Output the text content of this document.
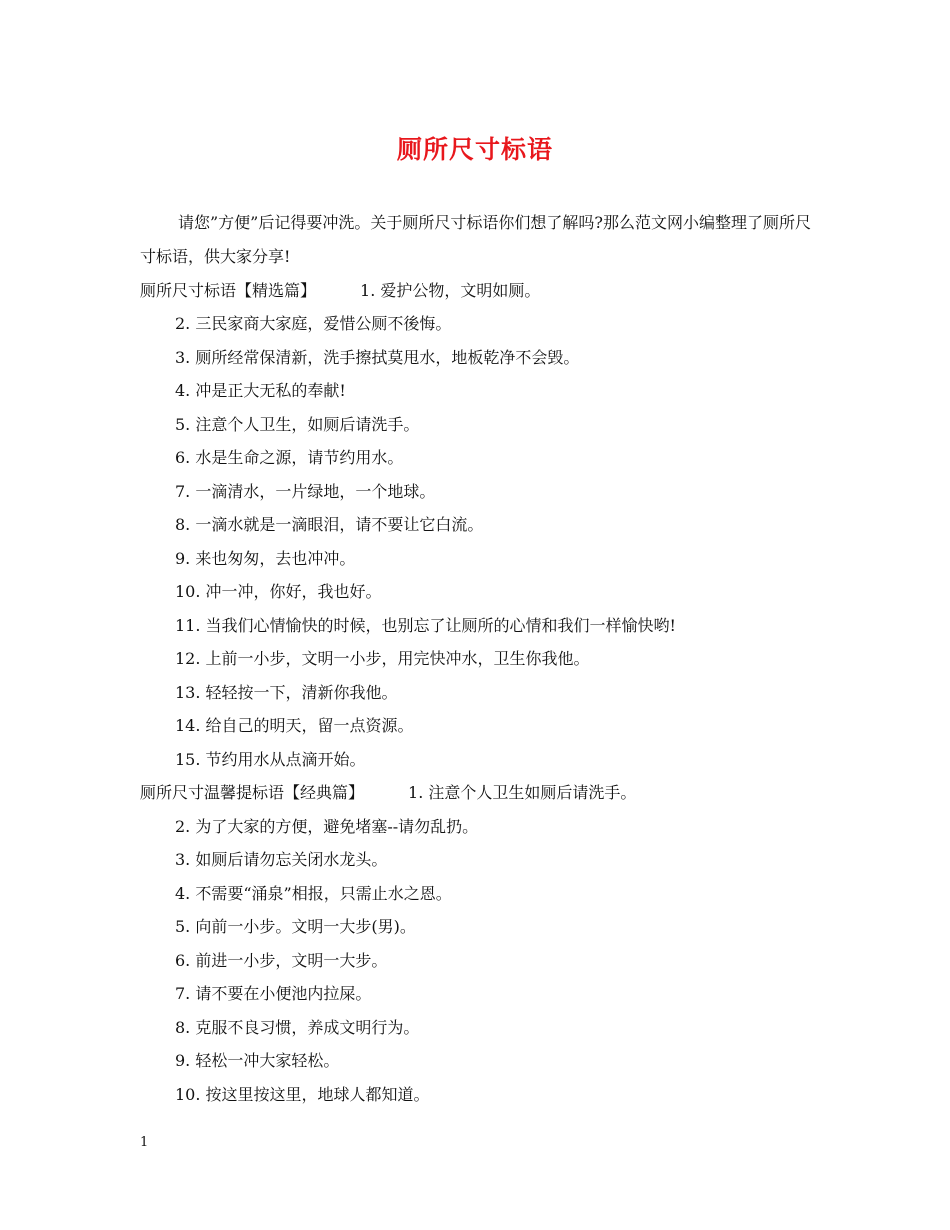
厕所尺寸标语
请您”方便”后记得要冲洗。关于厕所尺寸标语你们想了解吗?那么范文网小编整理了厕所尺寸标语，供大家分享!
厕所尺寸标语【精选篇】	1. 爱护公物，文明如厕。
2. 三民家商大家庭，爱惜公厕不後悔。
3. 厕所经常保清新，洗手擦拭莫甩水，地板乾净不会毁。
4. 冲是正大无私的奉献!
5. 注意个人卫生，如厕后请洗手。
6. 水是生命之源，请节约用水。
7. 一滴清水，一片绿地，一个地球。
8. 一滴水就是一滴眼泪，请不要让它白流。
9. 来也匆匆，去也冲冲。
10. 冲一冲，你好，我也好。
11. 当我们心情愉快的时候，也别忘了让厕所的心情和我们一样愉快哟!
12. 上前一小步，文明一小步，用完快冲水，卫生你我他。
13. 轻轻按一下，清新你我他。
14. 给自己的明天，留一点资源。
15. 节约用水从点滴开始。
厕所尺寸温馨提标语【经典篇】	1. 注意个人卫生如厕后请洗手。
2. 为了大家的方便，避免堵塞--请勿乱扔。
3. 如厕后请勿忘关闭水龙头。
4. 不需要“涌泉”相报，只需止水之恩。
5. 向前一小步。文明一大步(男)。
6. 前进一小步，文明一大步。
7. 请不要在小便池内拉屎。
8. 克服不良习惯，养成文明行为。
9. 轻松一冲大家轻松。
10. 按这里按这里，地球人都知道。
1
